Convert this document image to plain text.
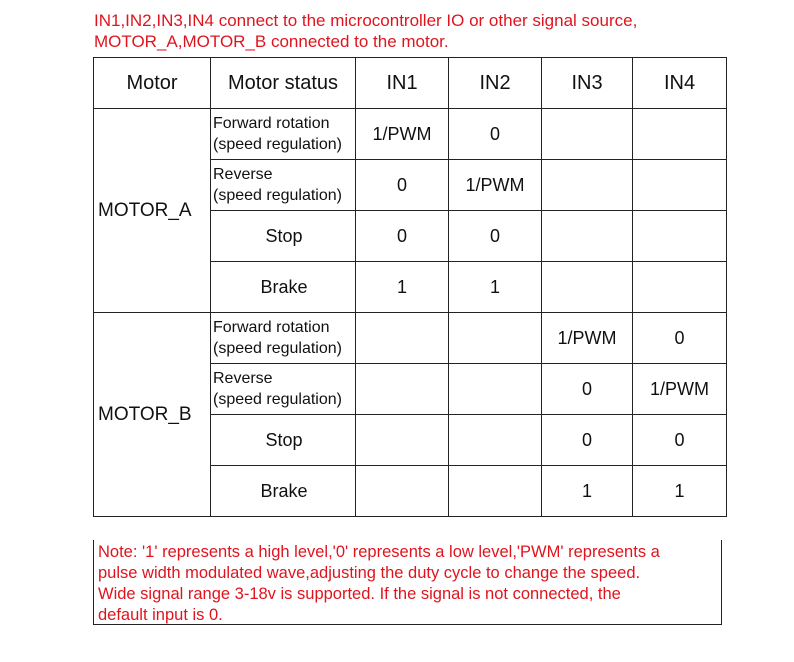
IN1,IN2,IN3,IN4 connect to the microcontroller IO or other signal source,
MOTOR_A,MOTOR_B connected to the motor.
Motor	Motor status	IN1	IN2	IN3	IN4
MOTOR_A	Forward rotation
(speed regulation)	1/PWM	0		

	Reverse
(speed regulation)	0	1/PWM		
	Stop	0	0		
	Brake	1	1		
MOTOR_B	Forward rotation
(speed regulation)			1/PWM	0

	Reverse
(speed regulation)			0	1/PWM
	Stop			0	0
	Brake			1	1
Note: '1' represents a high level,'0' represents a low level,'PWM' represents a
pulse width modulated wave,adjusting the duty cycle to change the speed.
Wide signal range 3-18v is supported. If the signal is not connected, the
default input is 0.
